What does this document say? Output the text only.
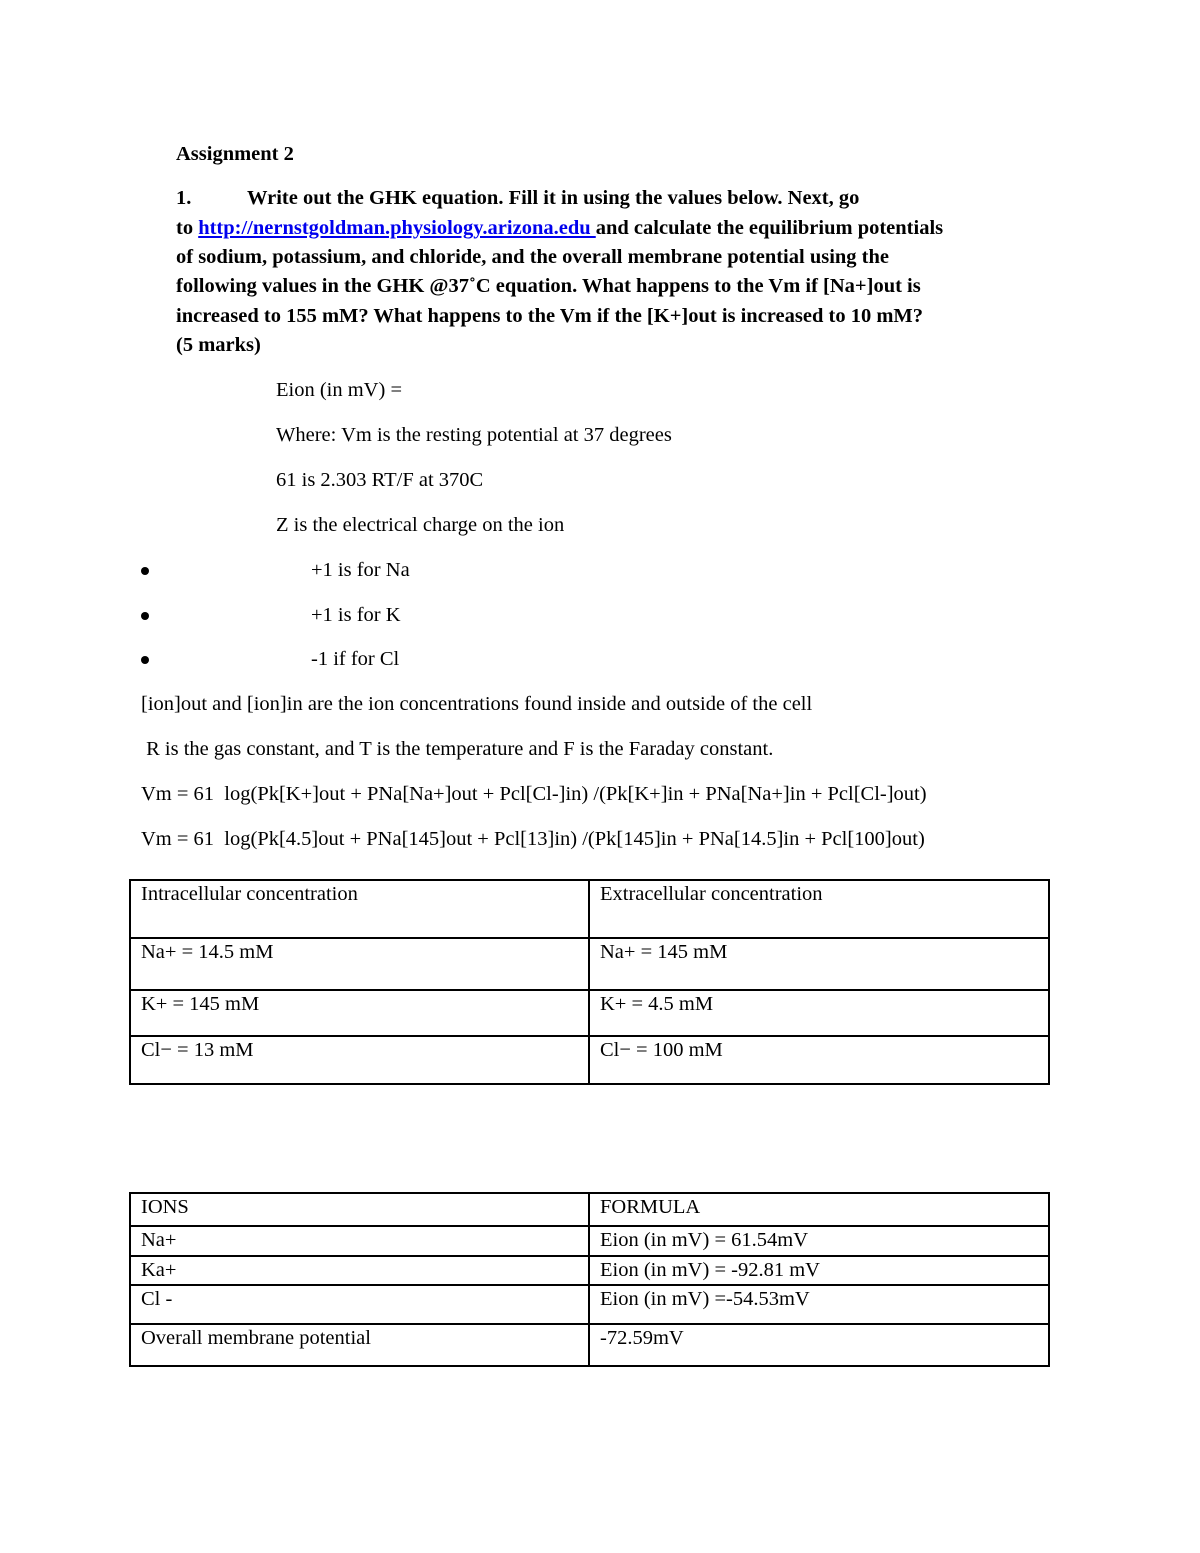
Assignment 2
1.	Write out the GHK equation. Fill it in using the values below. Next, go
to http://nernstgoldman.physiology.arizona.edu and calculate the equilibrium potentials
of sodium, potassium, and chloride, and the overall membrane potential using the
following values in the GHK @37˚C equation. What happens to the Vm if [Na+]out is
increased to 155 mM? What happens to the Vm if the [K+]out is increased to 10 mM?
(5 marks)
Eion (in mV) =
Where: Vm is the resting potential at 37 degrees
61 is 2.303 RT/F at 370C
Z is the electrical charge on the ion
+1 is for Na
+1 is for K
-1 if for Cl
[ion]out and [ion]in are the ion concentrations found inside and outside of the cell
R is the gas constant, and T is the temperature and F is the Faraday constant.
Vm = 61  log(Pk[K+]out + PNa[Na+]out + Pcl[Cl-]in) /(Pk[K+]in + PNa[Na+]in + Pcl[Cl-]out)
Vm = 61  log(Pk[4.5]out + PNa[145]out + Pcl[13]in) /(Pk[145]in + PNa[14.5]in + Pcl[100]out)
Intracellular concentration	Extracellular concentration
Na+ = 14.5 mM	Na+ = 145 mM
K+ = 145 mM	K+ = 4.5 mM
Cl− = 13 mM	Cl− = 100 mM
IONS	FORMULA
Na+	Eion (in mV) = 61.54mV
Ka+	Eion (in mV) = -92.81 mV
Cl -	Eion (in mV) =-54.53mV
Overall membrane potential	-72.59mV
